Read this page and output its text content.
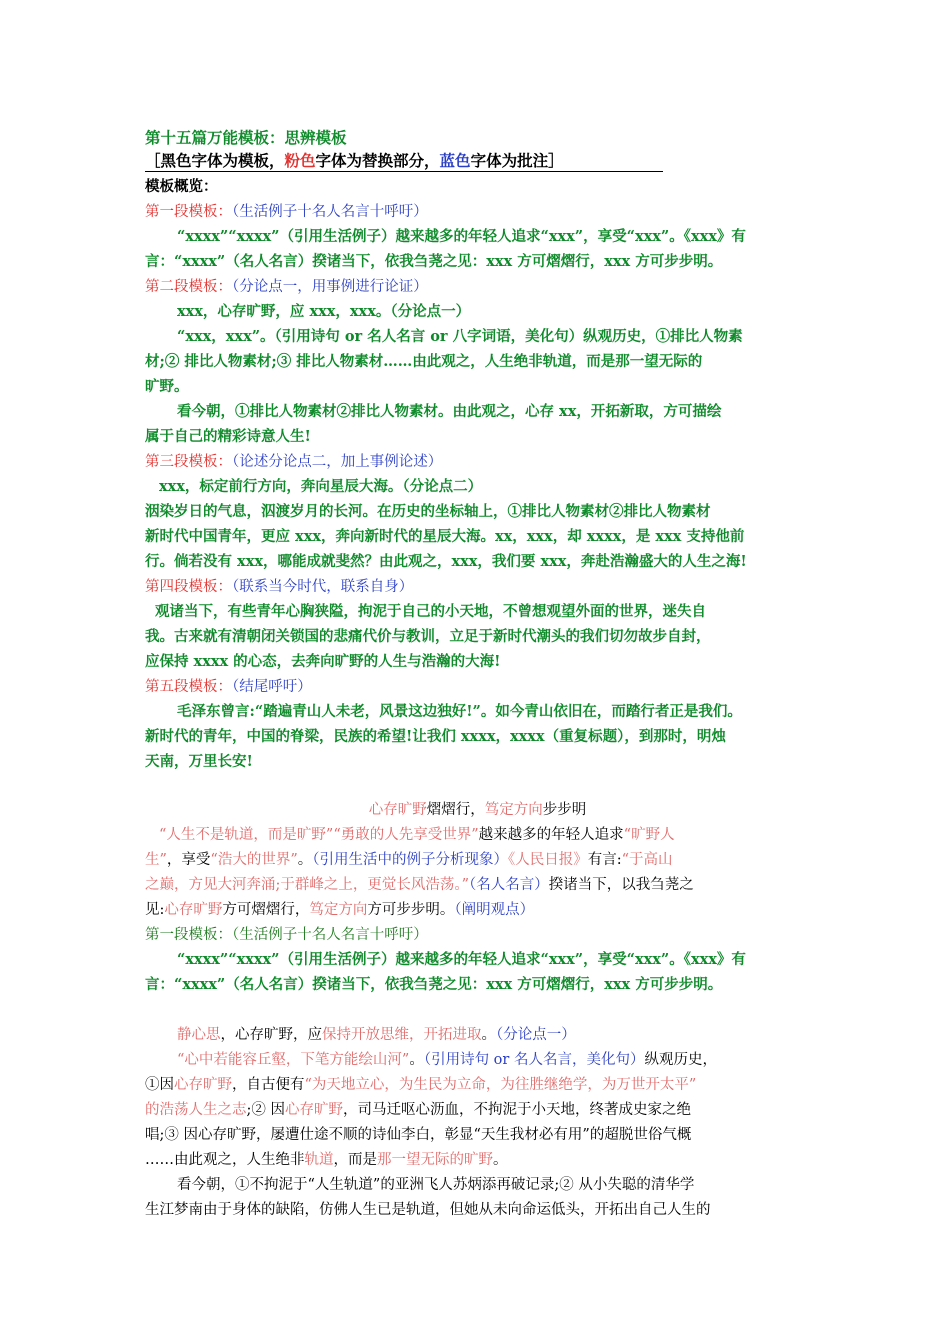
第十五篇万能模板：思辨模板
［黑色字体为模板，粉色字体为替换部分，蓝色字体为批注］
模板概览：
第一段模板：（生活例子十名人名言十呼吁）
“xxxx”“xxxx”（引用生活例子）越来越多的年轻人追求“xxx”，享受“xxx”。《xxx》有
言：“xxxx”（名人名言）揆诸当下，依我刍荛之见：xxx 方可熠熠行，xxx 方可步步明。
第二段模板：（分论点一，用事例进行论证）
xxx，心存旷野，应 xxx，xxx。（分论点一）
“xxx，xxx”。（引用诗句 or 名人名言 or 八字词语，美化句）纵观历史，①排比人物素
材;② 排比人物素材;③ 排比人物素材……由此观之，人生绝非轨道，而是那一望无际的
旷野。
看今朝，①排比人物素材②排比人物素材。由此观之，心存 xx，开拓新取，方可描绘
属于自己的精彩诗意人生!
第三段模板：（论述分论点二，加上事例论述）
xxx，标定前行方向，奔向星辰大海。（分论点二）
洇染岁日的气息，泅渡岁月的长河。在历史的坐标轴上，①排比人物素材②排比人物素材
新时代中国青年，更应 xxx，奔向新时代的星辰大海。xx，xxx，却 xxxx，是 xxx 支持他前
行。倘若没有 xxx，哪能成就斐然？由此观之，xxx，我们要 xxx，奔赴浩瀚盛大的人生之海!
第四段模板：（联系当今时代，联系自身）
观诸当下，有些青年心胸狭隘，拘泥于自己的小天地，不曾想观望外面的世界，迷失自
我。古来就有清朝闭关锁国的悲痛代价与教训，立足于新时代潮头的我们切勿故步自封，
应保持 xxxx 的心态，去奔向旷野的人生与浩瀚的大海!
第五段模板：（结尾呼吁）
毛泽东曾言:“踏遍青山人未老，风景这边独好!”。如今青山依旧在，而踏行者正是我们。
新时代的青年，中国的脊梁，民族的希望!让我们 xxxx，xxxx（重复标题），到那时，明烛
天南，万里长安!
心存旷野熠熠行，笃定方向步步明
“人生不是轨道，而是旷野”“勇敢的人先享受世界”越来越多的年轻人追求“旷野人
生”，享受“浩大的世界”。（引用生活中的例子分析现象）《人民日报》有言:“于高山
之巅，方见大河奔涌;于群峰之上，更觉长风浩荡。”（名人名言）揆诸当下，以我刍荛之
见:心存旷野方可熠熠行，笃定方向方可步步明。（阐明观点）
第一段模板：（生活例子十名人名言十呼吁）
“xxxx”“xxxx”（引用生活例子）越来越多的年轻人追求“xxx”，享受“xxx”。《xxx》有
言：“xxxx”（名人名言）揆诸当下，依我刍荛之见：xxx 方可熠熠行，xxx 方可步步明。
静心思，心存旷野，应保持开放思维，开拓进取。（分论点一）
“心中若能容丘壑，下笔方能绘山河”。（引用诗句 or 名人名言，美化句）纵观历史，
①因心存旷野，自古便有“为天地立心，为生民为立命，为往胜继绝学，为万世开太平”
的浩荡人生之志;② 因心存旷野，司马迁呕心沥血，不拘泥于小天地，终著成史家之绝
唱;③ 因心存旷野，屡遭仕途不顺的诗仙李白，彰显“天生我材必有用”的超脱世俗气概
……由此观之，人生绝非轨道，而是那一望无际的旷野。
看今朝，①不拘泥于“人生轨道”的亚洲飞人苏炳添再破记录;② 从小失聪的清华学
生江梦南由于身体的缺陷，仿佛人生已是轨道，但她从未向命运低头，开拓出自己人生的
